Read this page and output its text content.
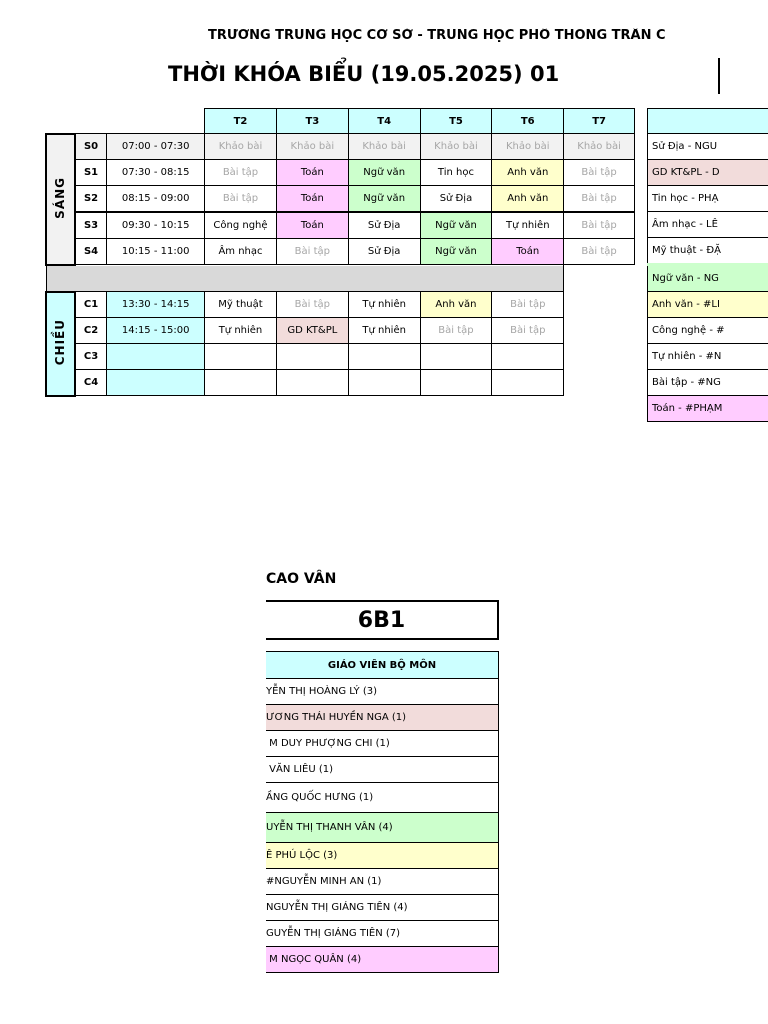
TRƯỜNG TRUNG HỌC CƠ SỞ - TRUNG HỌC PHỔ THÔNG TRẦN C
THỜI KHÓA BIỂU (19.05.2025) 01
			T2	T3	T4	T5	T6	T7
SÁNG	S0	07:00 - 07:30	Khảo bài	Khảo bài	Khảo bài	Khảo bài	Khảo bài	Khảo bài
	S1	07:30 - 08:15	Bài tập	Toán	Ngữ văn	Tin học	Anh văn	Bài tập
	S2	08:15 - 09:00	Bài tập	Toán	Ngữ văn	Sử Địa	Anh văn	Bài tập
	S3	09:30 - 10:15	Công nghệ	Toán	Sử Địa	Ngữ văn	Tự nhiên	Bài tập
	S4	10:15 - 11:00	Âm nhạc	Bài tập	Sử Địa	Ngữ văn	Toán	Bài tập

CHIỀU	C1	13:30 - 14:15	Mỹ thuật	Bài tập	Tự nhiên	Anh văn	Bài tập	
	C2	14:15 - 15:00	Tự nhiên	GD KT&PL	Tự nhiên	Bài tập	Bài tập	
	C3							
	C4							

Sử Địa - NGU
GD KT&PL - D
Tin học - PHẠ
Âm nhạc - LÊ
Mỹ thuật - ĐẶ
Ngữ văn - NG
Anh văn - #LI
Công nghệ - #
Tự nhiên - #N
Bài tập - #NG
Toán - #PHẠM
CAO VÂN
6B1
GIÁO VIÊN BỘ MÔN
YỄN THỊ HOÀNG LÝ (3)
ƯƠNG THÁI HUYỀN NGA (1)
M DUY PHƯỢNG CHI (1)
VĂN LIÊU (1)
ẦNG QUỐC HƯNG (1)
UYỄN THỊ THANH VÂN (4)
Ê PHÚ LỘC (3)
#NGUYỄN MINH AN (1)
NGUYỄN THỊ GIÁNG TIÊN (4)
GUYỄN THỊ GIÁNG TIÊN (7)
M NGỌC QUÂN (4)
